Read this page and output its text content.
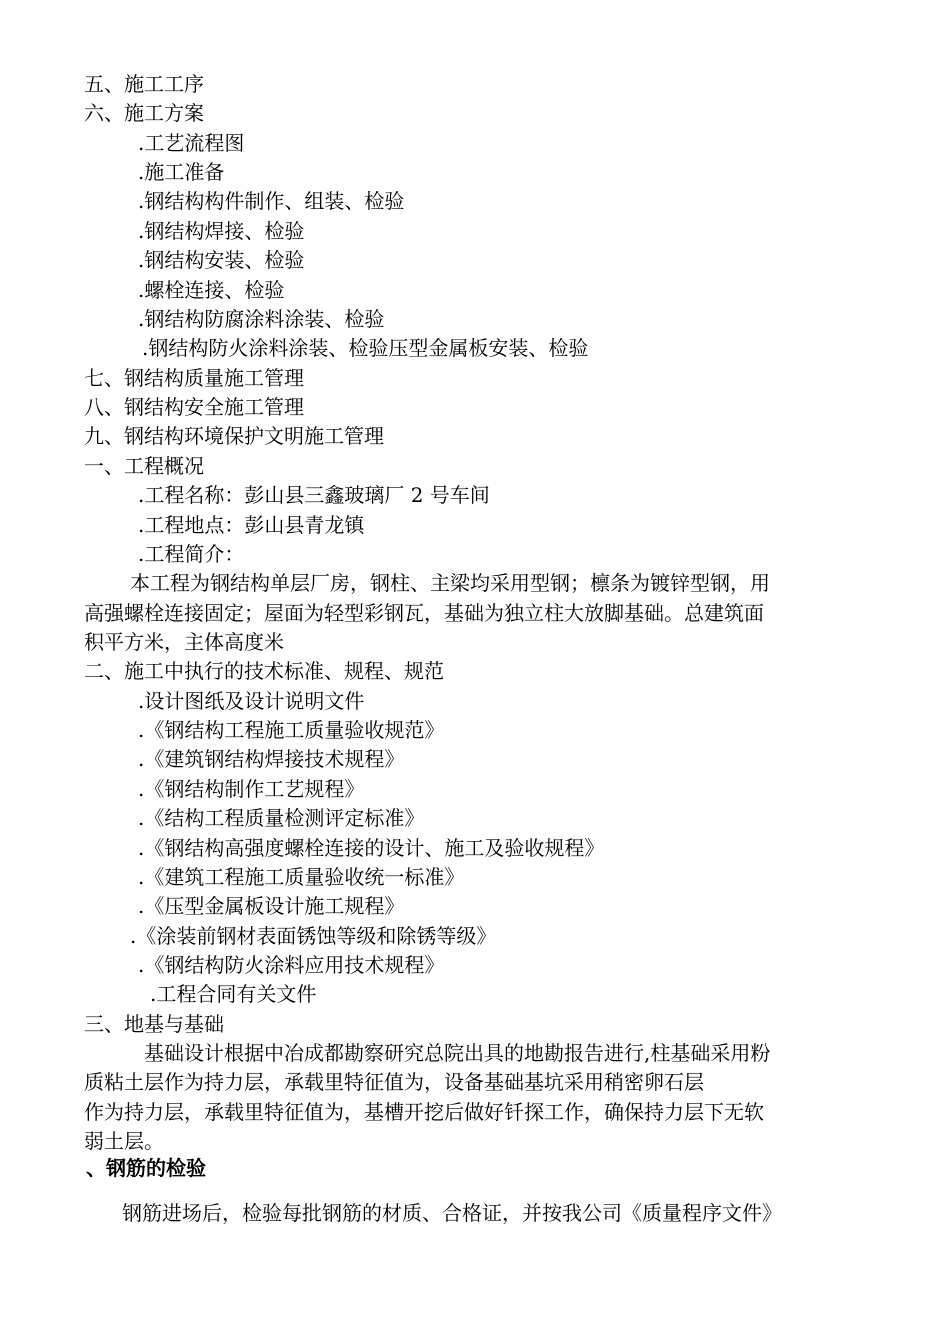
五、施工工序
六、施工方案
.工艺流程图
.施工准备
.钢结构构件制作、组装、检验
.钢结构焊接、检验
.钢结构安装、检验
.螺栓连接、检验
.钢结构防腐涂料涂装、检验
.钢结构防火涂料涂装、检验压型金属板安装、检验
七、钢结构质量施工管理
八、钢结构安全施工管理
九、钢结构环境保护文明施工管理
一、工程概况
.工程名称：彭山县三鑫玻璃厂 2 号车间
.工程地点：彭山县青龙镇
.工程简介：
本工程为钢结构单层厂房，钢柱、主梁均采用型钢；檩条为镀锌型钢，用
高强螺栓连接固定；屋面为轻型彩钢瓦，基础为独立柱大放脚基础。总建筑面
积平方米，主体高度米
二、施工中执行的技术标准、规程、规范
.设计图纸及设计说明文件
.《钢结构工程施工质量验收规范》
.《建筑钢结构焊接技术规程》
.《钢结构制作工艺规程》
.《结构工程质量检测评定标准》
.《钢结构高强度螺栓连接的设计、施工及验收规程》
.《建筑工程施工质量验收统一标准》
.《压型金属板设计施工规程》
.《涂装前钢材表面锈蚀等级和除锈等级》
.《钢结构防火涂料应用技术规程》
.工程合同有关文件
三、地基与基础
基础设计根据中冶成都勘察研究总院出具的地勘报告进行,柱基础采用粉
质粘土层作为持力层，承载里特征值为，设备基础基坑采用稍密卵石层
作为持力层，承载里特征值为，基槽开挖后做好钎探工作，确保持力层下无软
弱土层。
、钢筋的检验
钢筋进场后，检验每批钢筋的材质、合格证，并按我公司《质量程序文件》
